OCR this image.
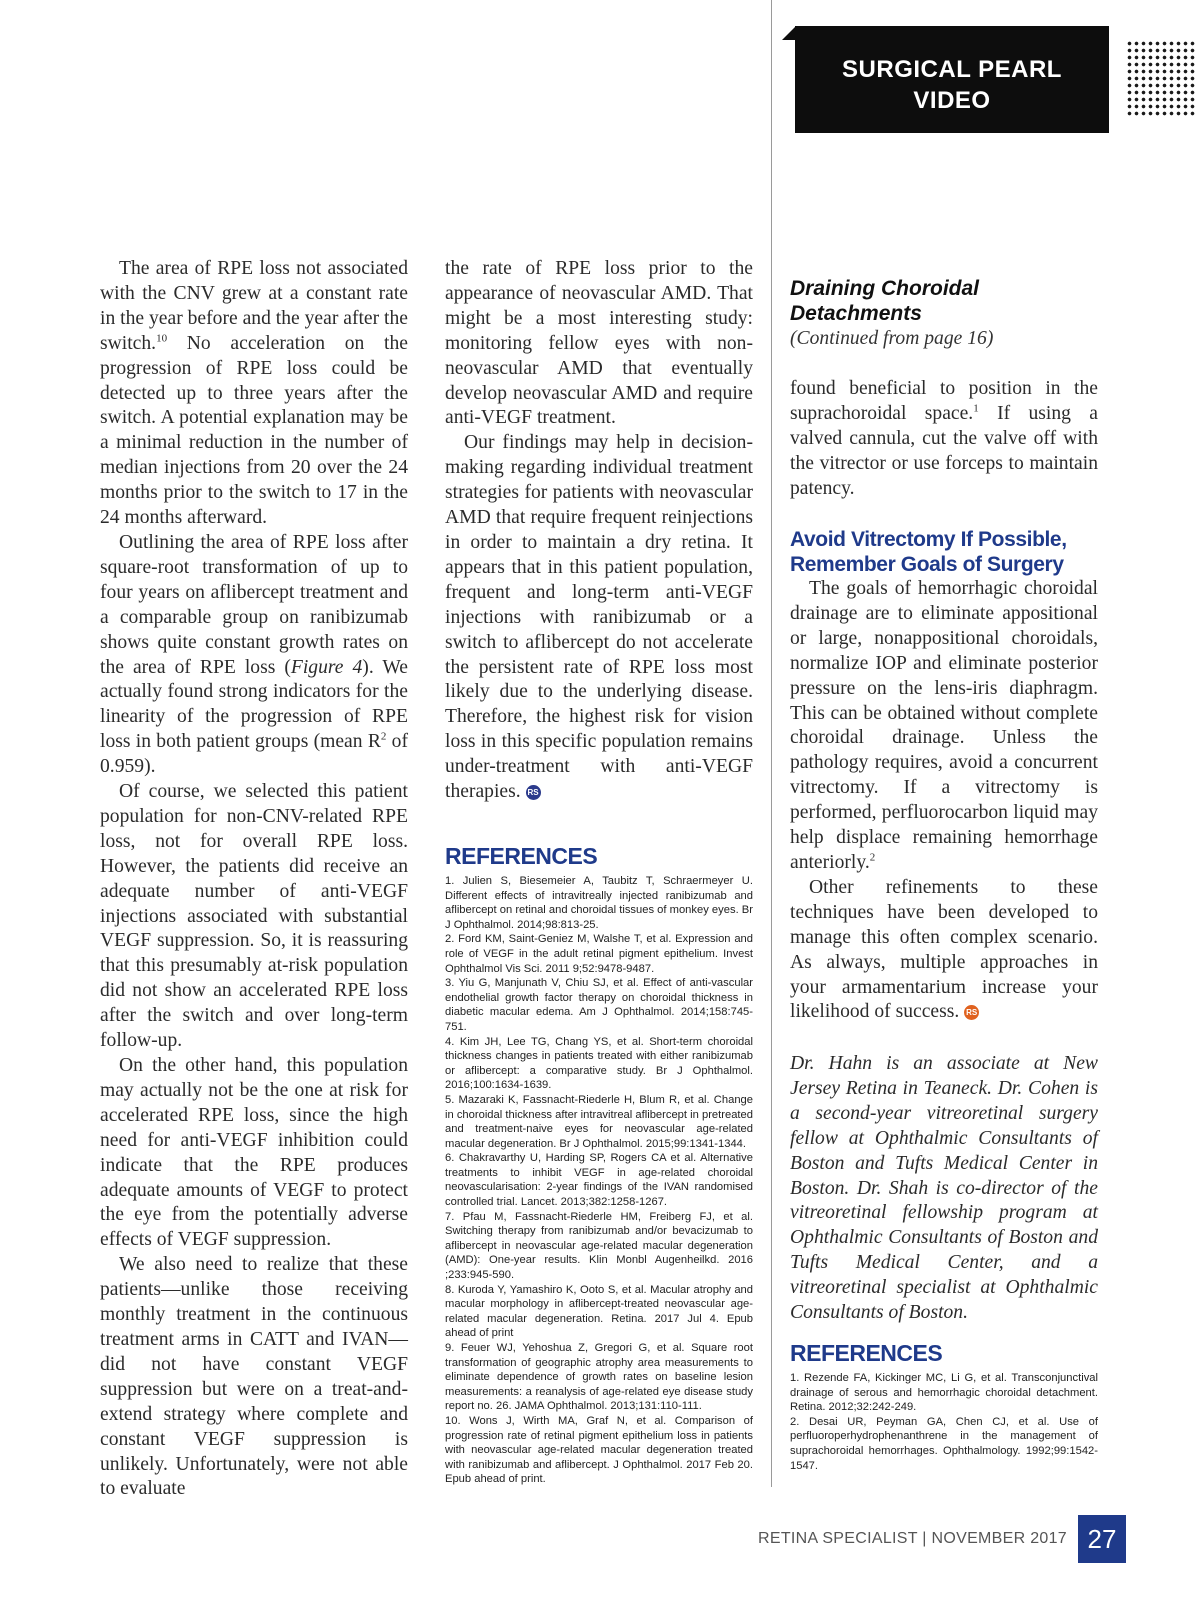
SURGICAL PEARL
VIDEO

The area of RPE loss not associated with the CNV grew at a constant rate in the year before and the year after the switch.$^{10}$ No acceleration on the progression of RPE loss could be detected up to three years after the switch. A potential explanation may be a minimal reduction in the number of median injections from 20 over the 24 months prior to the switch to 17 in the 24 months afterward.

Outlining the area of RPE loss after square-root transformation of up to four years on aflibercept treatment and a comparable group on ranibizumab shows quite constant growth rates on the area of RPE loss (Figure 4). We actually found strong indicators for the linearity of the progression of RPE loss in both patient groups (mean $R^2$ of 0.959).

Of course, we selected this patient population for non-CNV-related RPE loss, not for overall RPE loss. However, the patients did receive an adequate number of anti-VEGF injections associated with substantial VEGF suppression. So, it is reassuring that this presumably at-risk population did not show an accelerated RPE loss after the switch and over long-term follow-up.

On the other hand, this population may actually not be the one at risk for accelerated RPE loss, since the high need for anti-VEGF inhibition could indicate that the RPE produces adequate amounts of VEGF to protect the eye from the potentially adverse effects of VEGF suppression.

We also need to realize that these patients—unlike those receiving monthly treatment in the continuous treatment arms in CATT and IVAN—did not have constant VEGF suppression but were on a treat-and-extend strategy where complete and constant VEGF suppression is unlikely. Unfortunately, were not able to evaluate

the rate of RPE loss prior to the appearance of neovascular AMD. That might be a most interesting study: monitoring fellow eyes with non-neovascular AMD that eventually develop neovascular AMD and require anti-VEGF treatment.

Our findings may help in decision-making regarding individual treatment strategies for patients with neovascular AMD that require frequent reinjections in order to maintain a dry retina. It appears that in this patient population, frequent and long-term anti-VEGF injections with ranibizumab or a switch to aflibercept do not accelerate the persistent rate of RPE loss most likely due to the underlying disease. Therefore, the highest risk for vision loss in this specific population remains under-treatment with anti-VEGF therapies. RS

REFERENCES
1. Julien S, Biesemeier A, Taubitz T, Schraermeyer U. Different effects of intravitreally injected ranibizumab and aflibercept on retinal and choroidal tissues of monkey eyes. Br J Ophthalmol. 2014;98:813-25.
2. Ford KM, Saint-Geniez M, Walshe T, et al. Expression and role of VEGF in the adult retinal pigment epithelium. Invest Ophthalmol Vis Sci. 2011 9;52:9478-9487.
3. Yiu G, Manjunath V, Chiu SJ, et al. Effect of anti-vascular endothelial growth factor therapy on choroidal thickness in diabetic macular edema. Am J Ophthalmol. 2014;158:745-751.
4. Kim JH, Lee TG, Chang YS, et al. Short-term choroidal thickness changes in patients treated with either ranibizumab or aflibercept: a comparative study. Br J Ophthalmol. 2016;100:1634-1639.
5. Mazaraki K, Fassnacht-Riederle H, Blum R, et al. Change in choroidal thickness after intravitreal aflibercept in pretreated and treatment-naive eyes for neovascular age-related macular degeneration. Br J Ophthalmol. 2015;99:1341-1344.
6. Chakravarthy U, Harding SP, Rogers CA et al. Alternative treatments to inhibit VEGF in age-related choroidal neovascularisation: 2-year findings of the IVAN randomised controlled trial. Lancet. 2013;382:1258-1267.
7. Pfau M, Fassnacht-Riederle HM, Freiberg FJ, et al. Switching therapy from ranibizumab and/or bevacizumab to aflibercept in neovascular age-related macular degeneration (AMD): One-year results. Klin Monbl Augenheilkd. 2016 ;233:945-590.
8. Kuroda Y, Yamashiro K, Ooto S, et al. Macular atrophy and macular morphology in aflibercept-treated neovascular age-related macular degeneration. Retina. 2017 Jul 4. Epub ahead of print
9. Feuer WJ, Yehoshua Z, Gregori G, et al. Square root transformation of geographic atrophy area measurements to eliminate dependence of growth rates on baseline lesion measurements: a reanalysis of age-related eye disease study report no. 26. JAMA Ophthalmol. 2013;131:110-111.
10. Wons J, Wirth MA, Graf N, et al. Comparison of progression rate of retinal pigment epithelium loss in patients with neovascular age-related macular degeneration treated with ranibizumab and aflibercept. J Ophthalmol. 2017 Feb 20. Epub ahead of print.
Draining Choroidal
Detachments
(Continued from page 16)

found beneficial to position in the suprachoroidal space.$^1$ If using a valved cannula, cut the valve off with the vitrector or use forceps to maintain patency.

Avoid Vitrectomy If Possible,
Remember Goals of Surgery

The goals of hemorrhagic choroidal drainage are to eliminate appositional or large, nonappositional choroidals, normalize IOP and eliminate posterior pressure on the lens-iris diaphragm. This can be obtained without complete choroidal drainage. Unless the pathology requires, avoid a concurrent vitrectomy. If a vitrectomy is performed, perfluorocarbon liquid may help displace remaining hemorrhage anteriorly.$^2$

Other refinements to these techniques have been developed to manage this often complex scenario. As always, multiple approaches in your armamentarium increase your likelihood of success. RS

Dr. Hahn is an associate at New Jersey Retina in Teaneck. Dr. Cohen is a second-year vitreoretinal surgery fellow at Ophthalmic Consultants of Boston and Tufts Medical Center in Boston. Dr. Shah is co-director of the vitreoretinal fellowship program at Ophthalmic Consultants of Boston and Tufts Medical Center, and a vitreoretinal specialist at Ophthalmic Consultants of Boston.
REFERENCES
1. Rezende FA, Kickinger MC, Li G, et al. Transconjunctival drainage of serous and hemorrhagic choroidal detachment. Retina. 2012;32:242-249.
2. Desai UR, Peyman GA, Chen CJ, et al. Use of perfluoroperhydrophenanthrene in the management of suprachoroidal hemorrhages. Ophthalmology. 1992;99:1542-1547.
RETINA SPECIALIST | NOVEMBER 2017 27
